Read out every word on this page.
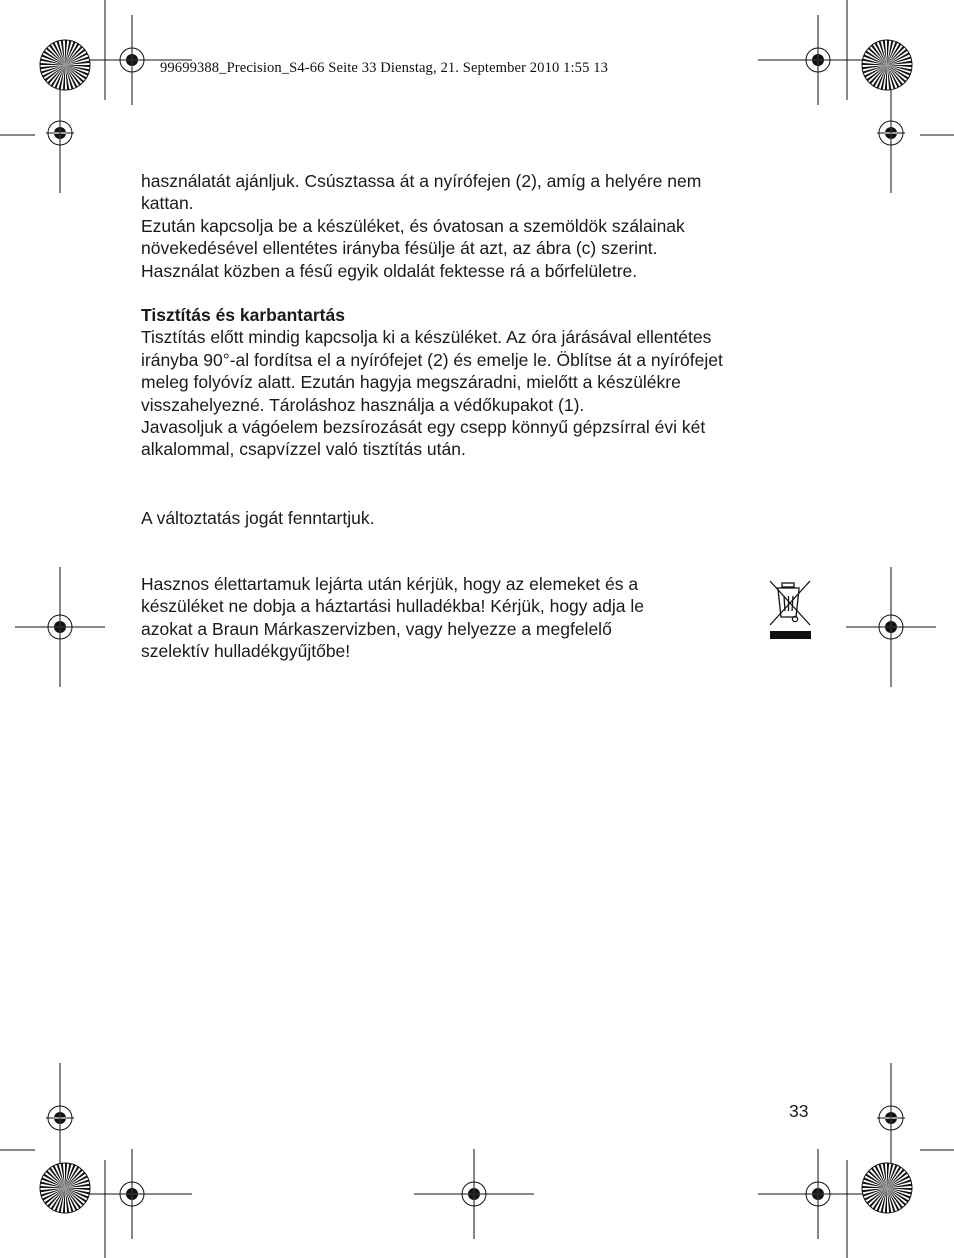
99699388_Precision_S4-66 Seite 33 Dienstag, 21. September 2010 1:55 13

használatát ajánljuk. Csúsztassa át a nyírófejen (2), amíg a helyére nem

kattan.

Ezután kapcsolja be a készüléket, és óvatosan a szemöldök szálainak

növekedésével ellentétes irányba fésülje át azt, az ábra (c) szerint.

Használat közben a fésű egyik oldalát fektesse rá a bőrfelületre.

Tisztítás és karbantartás

Tisztítás előtt mindig kapcsolja ki a készüléket. Az óra járásával ellentétes

irányba 90°-al fordítsa el a nyírófejet (2) és emelje le. Öblítse át a nyírófejet

meleg folyóvíz alatt. Ezután hagyja megszáradni, mielőtt a készülékre

visszahelyezné. Tároláshoz használja a védőkupakot (1).

Javasoljuk a vágóelem bezsírozását egy csepp könnyű gépzsírral évi két

alkalommal, csapvízzel való tisztítás után.

A változtatás jogát fenntartjuk.

Hasznos élettartamuk lejárta után kérjük, hogy az elemeket és a

készüléket ne dobja a háztartási hulladékba! Kérjük, hogy adja le

azokat a Braun Márkaszervizben, vagy helyezze a megfelelő

szelektív hulladékgyűjtőbe!

33
